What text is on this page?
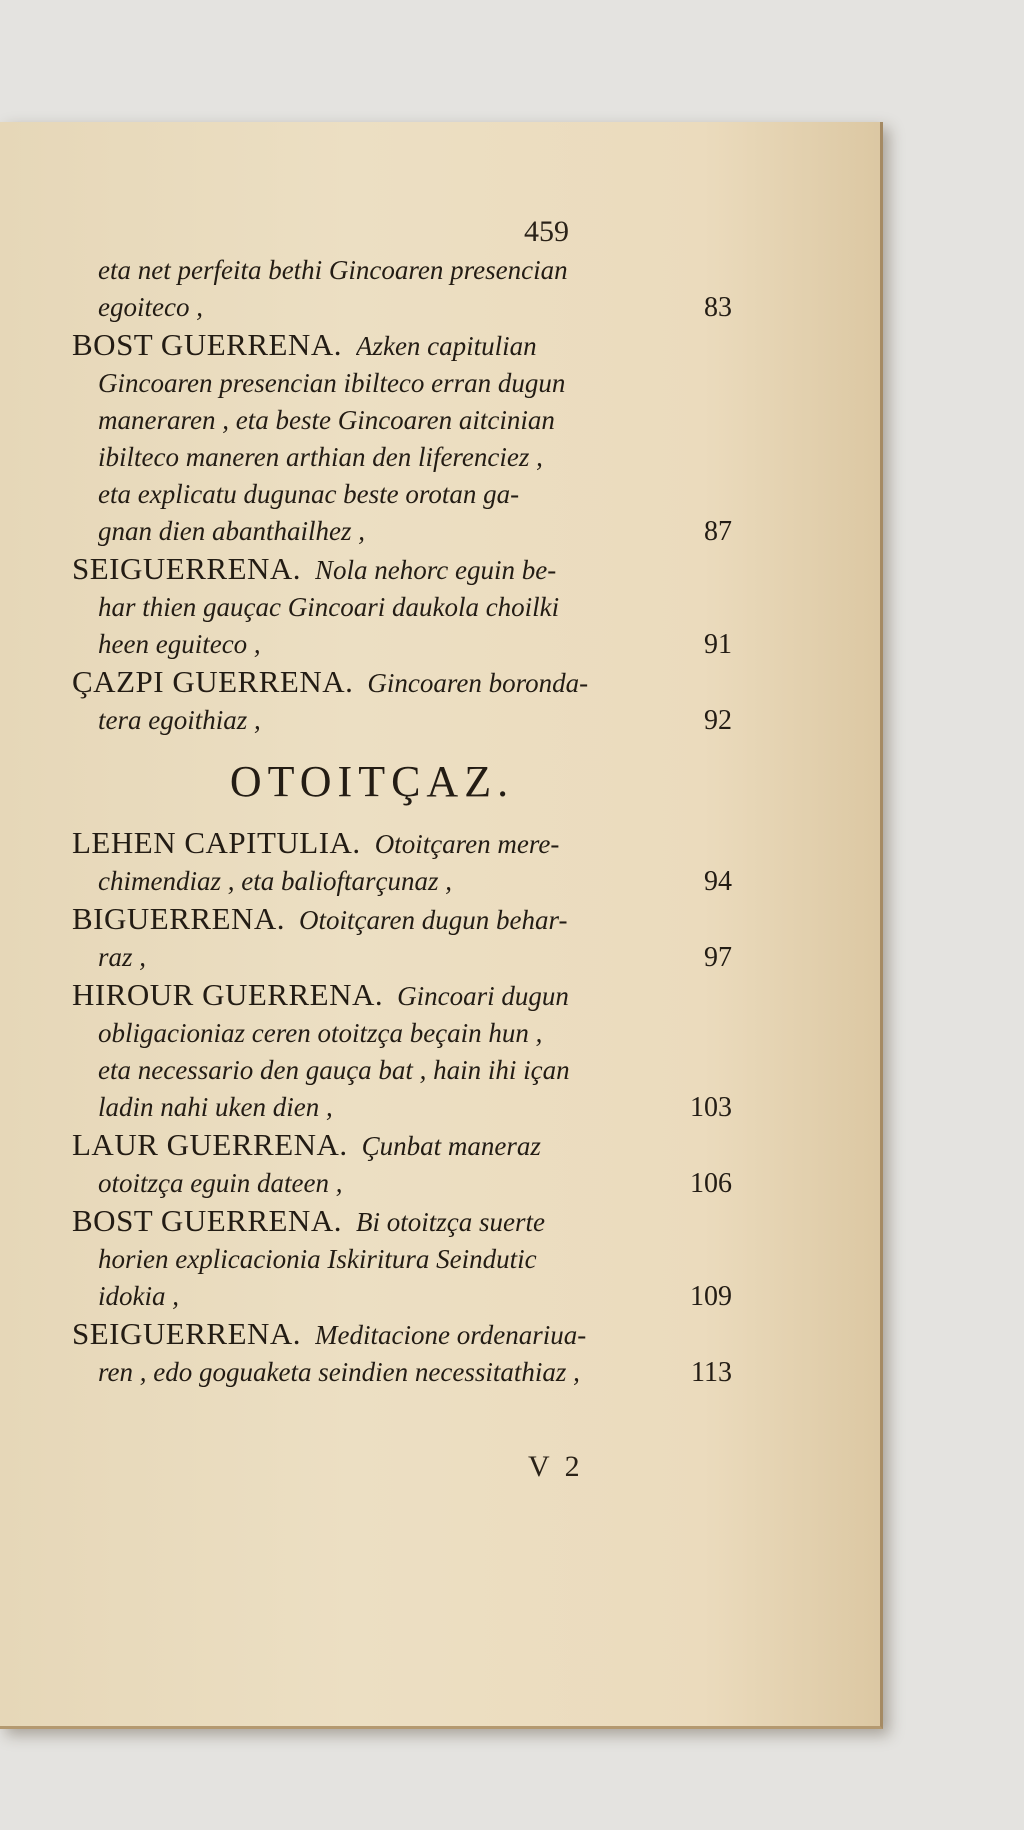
459
eta net perfeita bethi Gincoaren presencian
egoiteco ,	83
BOST GUERRENA. Azken capitulian
Gincoaren presencian ibilteco erran dugun
maneraren , eta beste Gincoaren aitcinian
ibilteco maneren arthian den liferenciez ,
eta explicatu dugunac beste orotan ga-
gnan dien abanthailhez ,	87
SEIGUERRENA. Nola nehorc eguin be-
har thien gauçac Gincoari daukola choilki
heen eguiteco ,	91
ÇAZPI GUERRENA. Gincoaren boronda-
tera egoithiaz ,	92
OTOITÇAZ.
LEHEN CAPITULIA. Otoitçaren mere-
chimendiaz , eta balioftarçunaz ,	94
BIGUERRENA. Otoitçaren dugun behar-
raz ,	97
HIROUR GUERRENA. Gincoari dugun
obligacioniaz ceren otoitzça beçain hun ,
eta necessario den gauça bat , hain ihi içan
ladin nahi uken dien ,	103
LAUR GUERRENA. Çunbat maneraz
otoitzça eguin dateen ,	106
BOST GUERRENA. Bi otoitzça suerte
horien explicacionia Iskiritura Seindutic
idokia ,	109
SEIGUERRENA. Meditacione ordenariua-
ren , edo goguaketa seindien necessitathiaz ,	113
V 2
